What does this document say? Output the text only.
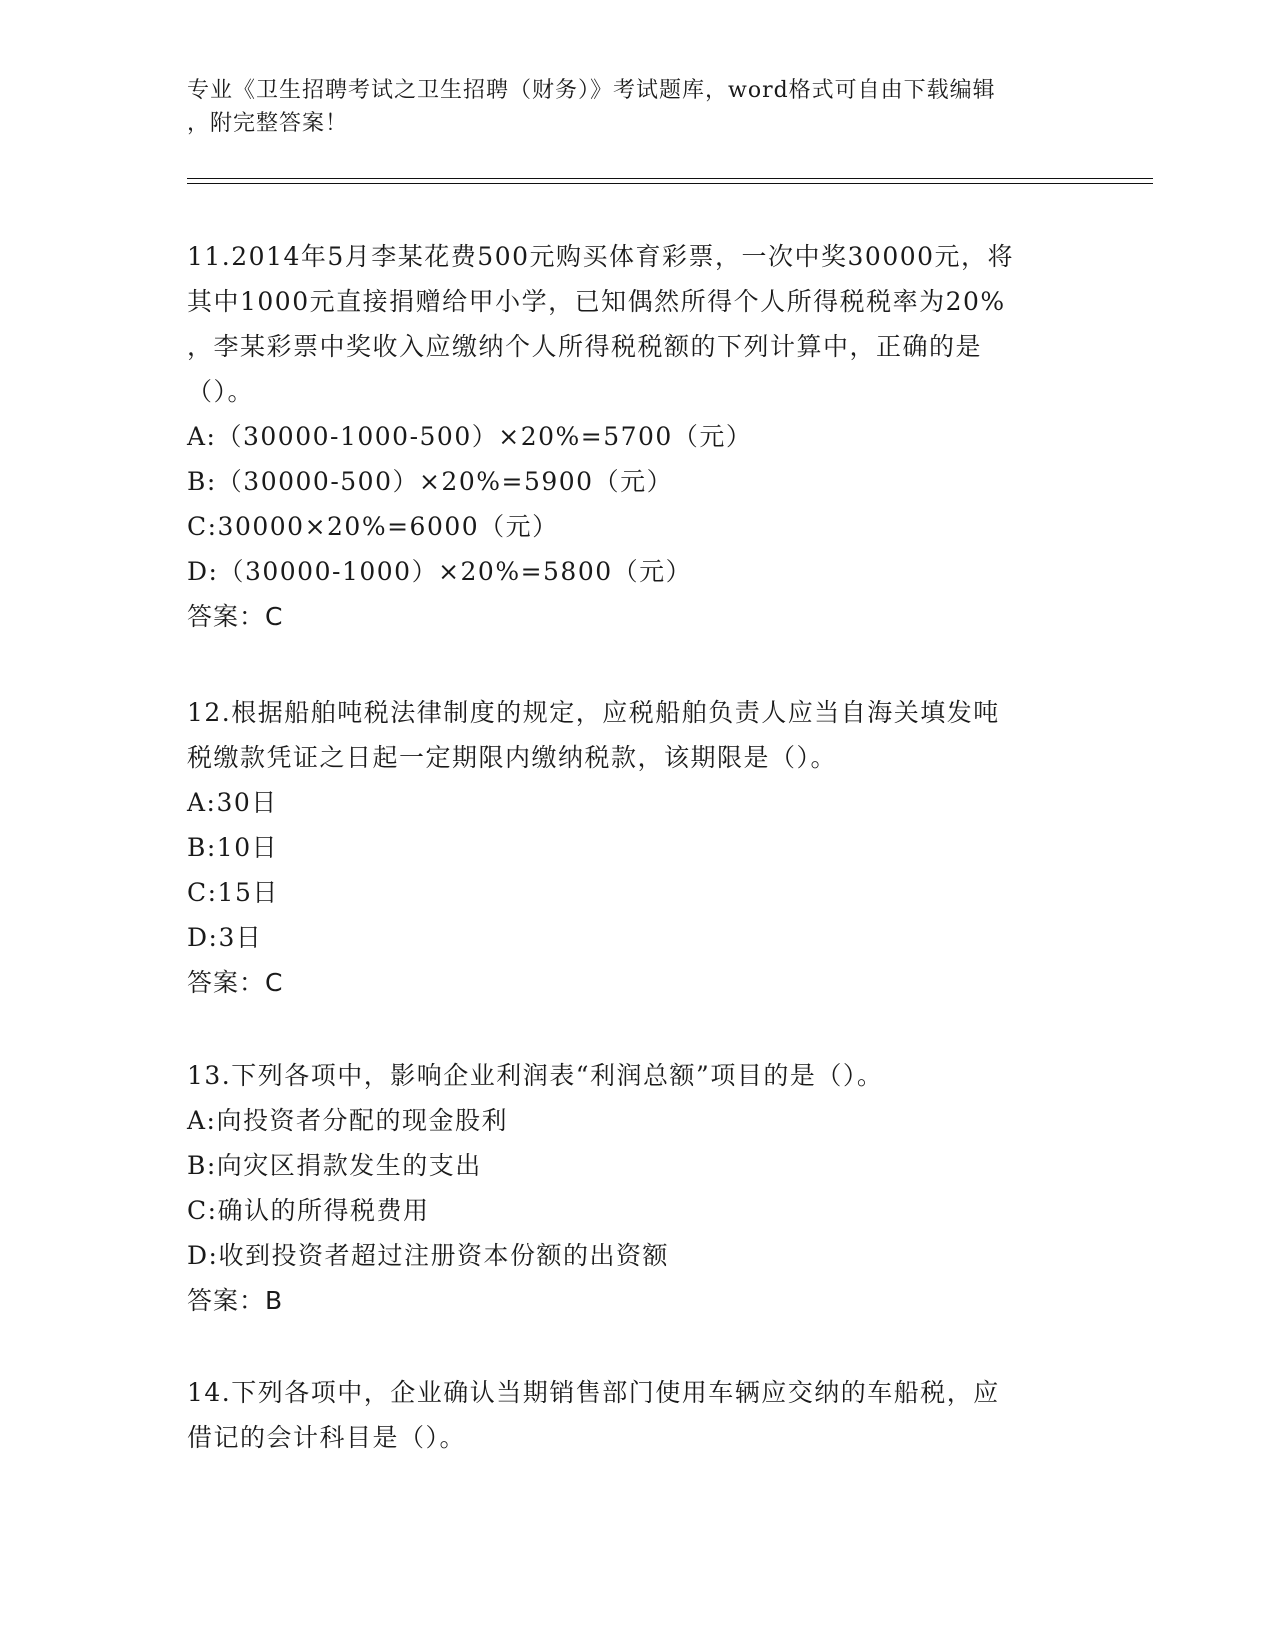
专业《卫生招聘考试之卫生招聘（财务）》考试题库，word格式可自由下载编辑
，附完整答案！

11.2014年5月李某花费500元购买体育彩票，一次中奖30000元，将

其中1000元直接捐赠给甲小学，已知偶然所得个人所得税税率为20%

，李某彩票中奖收入应缴纳个人所得税税额的下列计算中，正确的是

（）。

A:（30000-1000-500）×20%=5700（元）

B:（30000-500）×20%=5900（元）

C:30000×20%=6000（元）

D:（30000-1000）×20%=5800（元）

答案：C

12.根据船舶吨税法律制度的规定，应税船舶负责人应当自海关填发吨

税缴款凭证之日起一定期限内缴纳税款，该期限是（）。

A:30日

B:10日

C:15日

D:3日

答案：C

13.下列各项中，影响企业利润表“利润总额”项目的是（）。

A:向投资者分配的现金股利

B:向灾区捐款发生的支出

C:确认的所得税费用

D:收到投资者超过注册资本份额的出资额

答案：B

14.下列各项中，企业确认当期销售部门使用车辆应交纳的车船税，应

借记的会计科目是（）。
